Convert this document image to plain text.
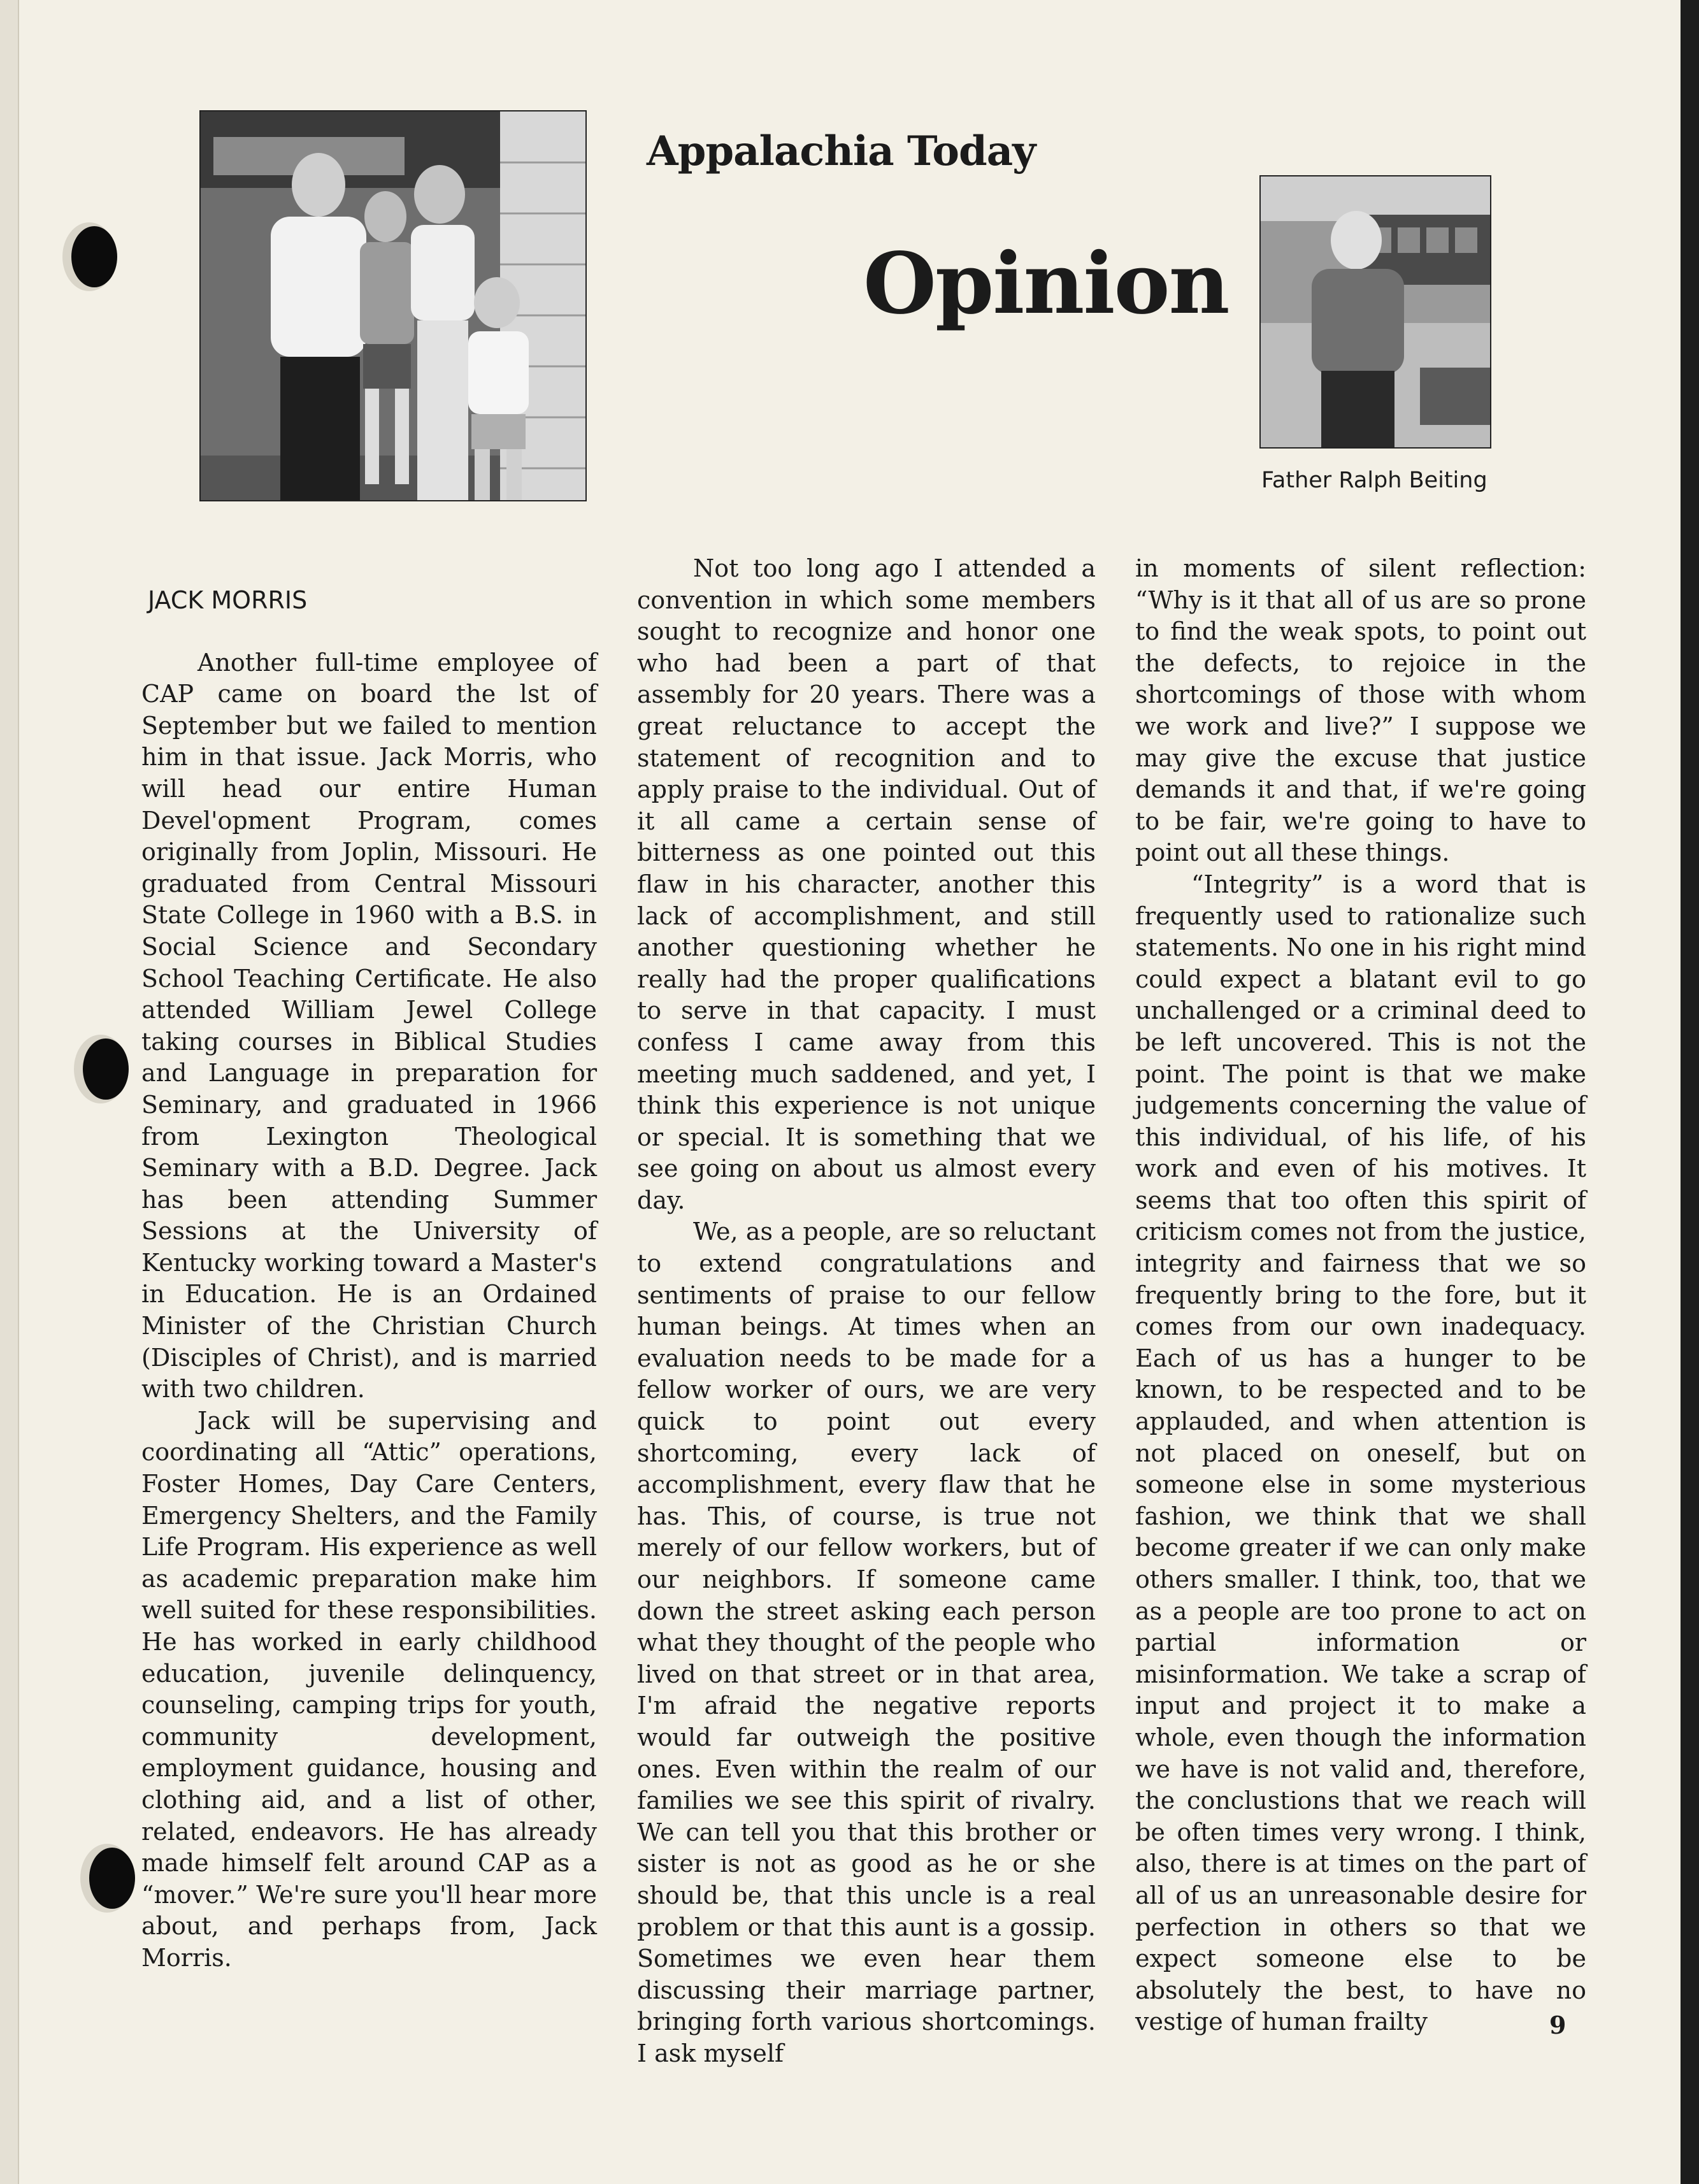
Appalachia Today
Opinion
Father Ralph Beiting

JACK MORRIS

Another full-time employee of CAP came on board the lst of September but we failed to mention him in that issue. Jack Morris, who will head our entire Human Devel'opment Program, comes originally from Joplin, Missouri. He graduated from Central Missouri State College in 1960 with a B.S. in Social Science and Secondary School Teaching Certificate. He also attended William Jewel College taking courses in Biblical Studies and Language in preparation for Seminary, and graduated in 1966 from Lexington Theological Seminary with a B.D. Degree. Jack has been attending Summer Sessions at the University of Kentucky working toward a Master's in Education. He is an Ordained Minister of the Christian Church (Disciples of Christ), and is married with two children.

Jack will be supervising and coordinating all “Attic” operations, Foster Homes, Day Care Centers, Emergency Shelters, and the Family Life Program. His experience as well as academic preparation make him well suited for these responsibilities. He has worked in early childhood education, juvenile delinquency, counseling, camping trips for youth, community development, employment guidance, housing and clothing aid, and a list of other, related, endeavors. He has already made himself felt around CAP as a “mover.” We're sure you'll hear more about, and perhaps from, Jack Morris.

Not too long ago I attended a convention in which some members sought to recognize and honor one who had been a part of that assembly for 20 years. There was a great reluctance to accept the statement of recognition and to apply praise to the individual. Out of it all came a certain sense of bitterness as one pointed out this flaw in his character, another this lack of accomplishment, and still another questioning whether he really had the proper qualifications to serve in that capacity. I must confess I came away from this meeting much saddened, and yet, I think this experience is not unique or special. It is something that we see going on about us almost every day.

We, as a people, are so reluctant to extend congratulations and sentiments of praise to our fellow human beings. At times when an evaluation needs to be made for a fellow worker of ours, we are very quick to point out every shortcoming, every lack of accomplishment, every flaw that he has. This, of course, is true not merely of our fellow workers, but of our neighbors. If someone came down the street asking each person what they thought of the people who lived on that street or in that area, I'm afraid the negative reports would far outweigh the positive ones. Even within the realm of our families we see this spirit of rivalry. We can tell you that this brother or sister is not as good as he or she should be, that this uncle is a real problem or that this aunt is a gossip. Sometimes we even hear them discussing their marriage partner, bringing forth various shortcomings. I ask myself

in moments of silent reflection: “Why is it that all of us are so prone to find the weak spots, to point out the defects, to rejoice in the shortcomings of those with whom we work and live?” I suppose we may give the excuse that justice demands it and that, if we're going to be fair, we're going to have to point out all these things.

“Integrity” is a word that is frequently used to rationalize such statements. No one in his right mind could expect a blatant evil to go unchallenged or a criminal deed to be left uncovered. This is not the point. The point is that we make judgements concerning the value of this individual, of his life, of his work and even of his motives. It seems that too often this spirit of criticism comes not from the justice, integrity and fairness that we so frequently bring to the fore, but it comes from our own inadequacy. Each of us has a hunger to be known, to be respected and to be applauded, and when attention is not placed on oneself, but on someone else in some mysterious fashion, we think that we shall become greater if we can only make others smaller. I think, too, that we as a people are too prone to act on partial information or misinformation. We take a scrap of input and project it to make a whole, even though the information we have is not valid and, therefore, the conclustions that we reach will be often times very wrong. I think, also, there is at times on the part of all of us an unreasonable desire for perfection in others so that we expect someone else to be absolutely the best, to have no vestige of human frailty	9
